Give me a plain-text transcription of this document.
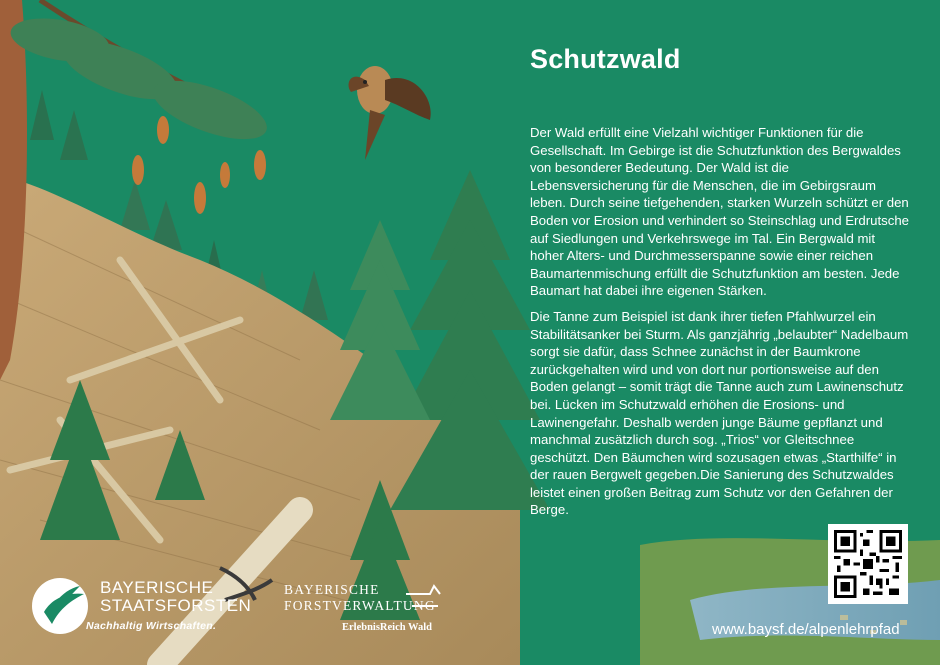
Schutzwald

Der Wald erfüllt eine Vielzahl wichtiger Funktionen für die Gesellschaft. Im Gebirge ist die Schutzfunktion des Bergwaldes von besonderer Bedeutung. Der Wald ist die Lebensversicherung für die Menschen, die im Gebirgsraum leben. Durch seine tiefgehenden, starken Wurzeln schützt er den Boden vor Erosion und verhindert so Steinschlag und Erdrutsche auf Siedlungen und Verkehrswege im Tal. Ein Bergwald mit hoher Alters- und Durchmesserspanne sowie einer reichen Baumartenmischung erfüllt die Schutzfunktion am besten. Jede Baumart hat dabei ihre eigenen Stärken.

Die Tanne zum Beispiel ist dank ihrer tiefen Pfahlwurzel ein Stabilitätsanker bei Sturm. Als ganzjährig „belaubter“ Nadelbaum sorgt sie dafür, dass Schnee zunächst in der Baumkrone zurückgehalten wird und von dort nur portionsweise auf den Boden gelangt – somit trägt die Tanne auch zum Lawinenschutz bei. Lücken im Schutzwald erhöhen die Erosions- und Lawinengefahr. Deshalb werden junge Bäume gepflanzt und manchmal zusätzlich durch sog. „Trios“ vor Gleitschnee geschützt. Den Bäumchen wird sozusagen etwas „Starthilfe“ in der rauen Bergwelt gegeben.Die Sanierung des Schutzwaldes leistet einen großen Beitrag zum Schutz vor den Gefahren der Berge.

www.baysf.de/alpenlehrpfad
BAYERISCHE
STAATSFORSTEN
Nachhaltig Wirtschaften.
BAYERISCHE
FORSTVERWALTUNG
ErlebnisReich Wald
